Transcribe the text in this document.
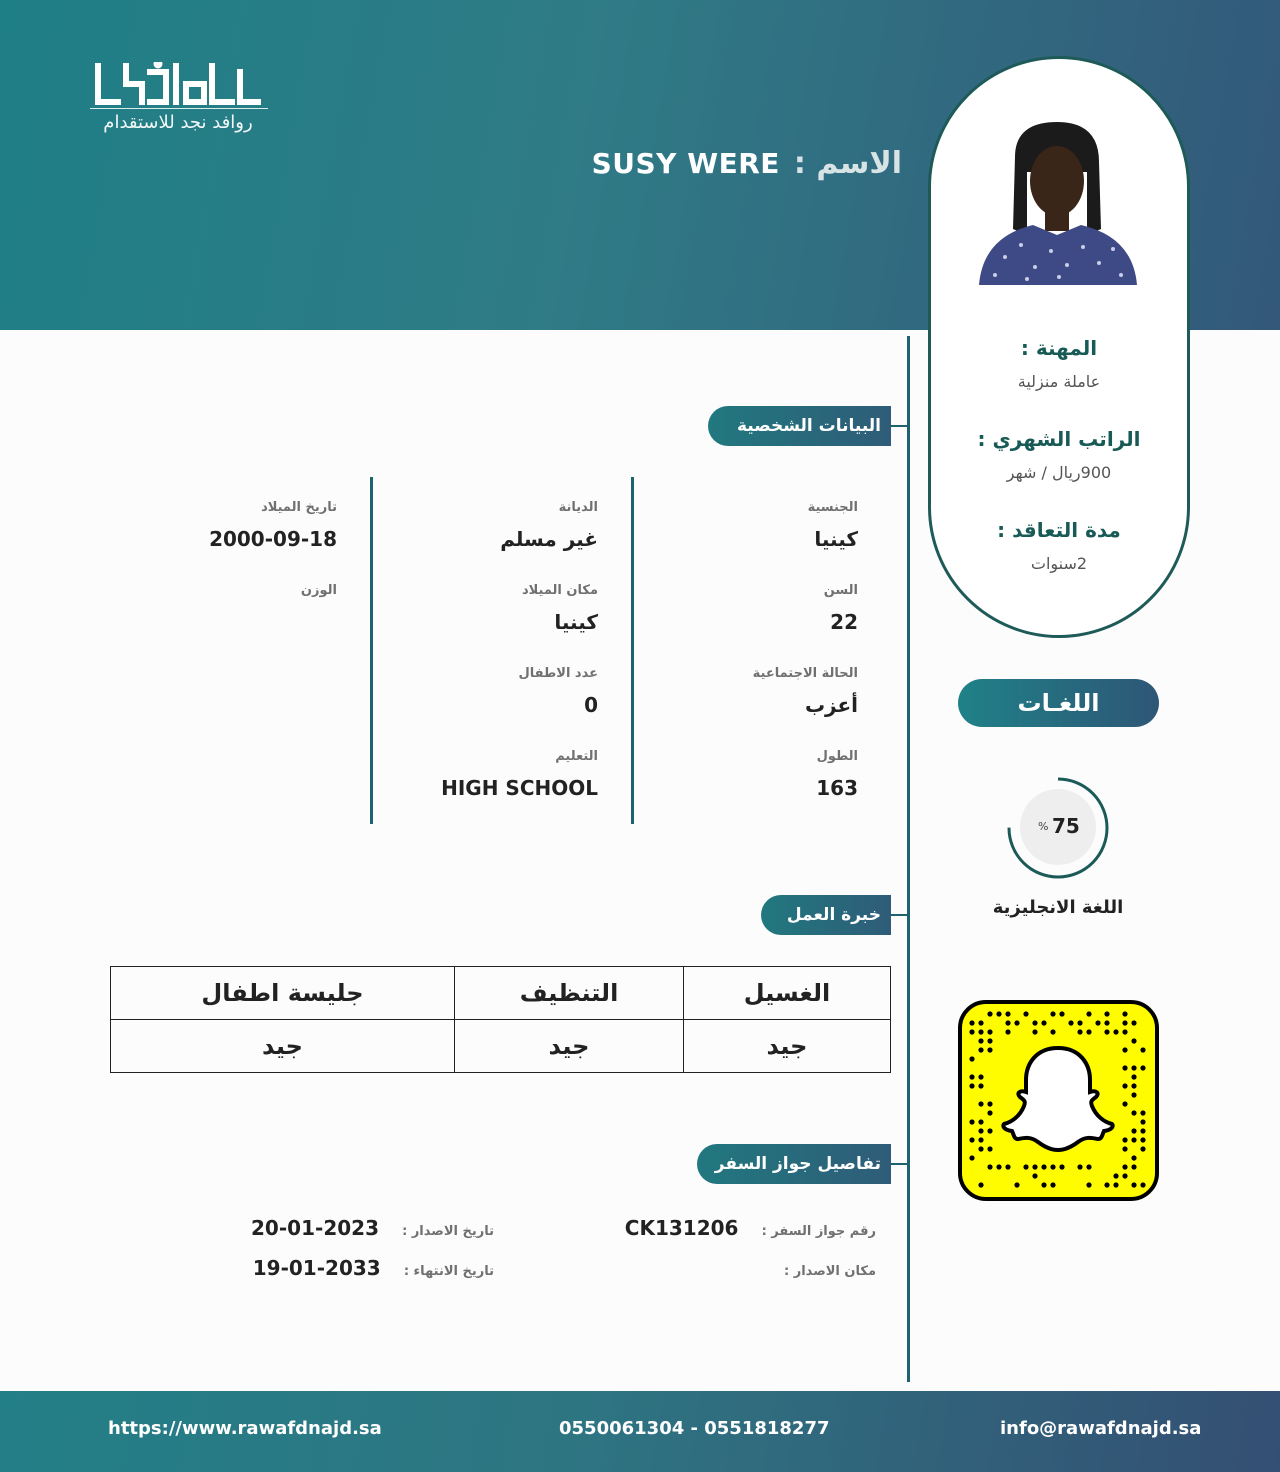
روافد نجد للاستقدام
الاسم :
SUSY WERE
المهنة :
عاملة منزلية
الراتب الشهري :
900ريال / شهر
مدة التعاقد :
2سنوات
اللغـات
75
%
اللغة الانجليزية
البيانات الشخصية
الجنسية
كينيا
السن
22
الحالة الاجتماعية
أعزب
الطول
163
الديانة
غير مسلم
مكان الميلاد
كينيا
عدد الاطفال
0
التعليم
HIGH SCHOOL
تاريخ الميلاد
2000-09-18
الوزن
خبرة العمل
الغسيل	التنظيف	جليسة اطفال
جيد	جيد	جيد
تفاصيل جواز السفر
رقم جواز السفر : CK131206
مكان الاصدار :
تاريخ الاصدار : 2023-01-20
تاريخ الانتهاء : 2033-01-19
https://www.rawafdnajd.sa	0550061304 - 0551818277	info@rawafdnajd.sa
